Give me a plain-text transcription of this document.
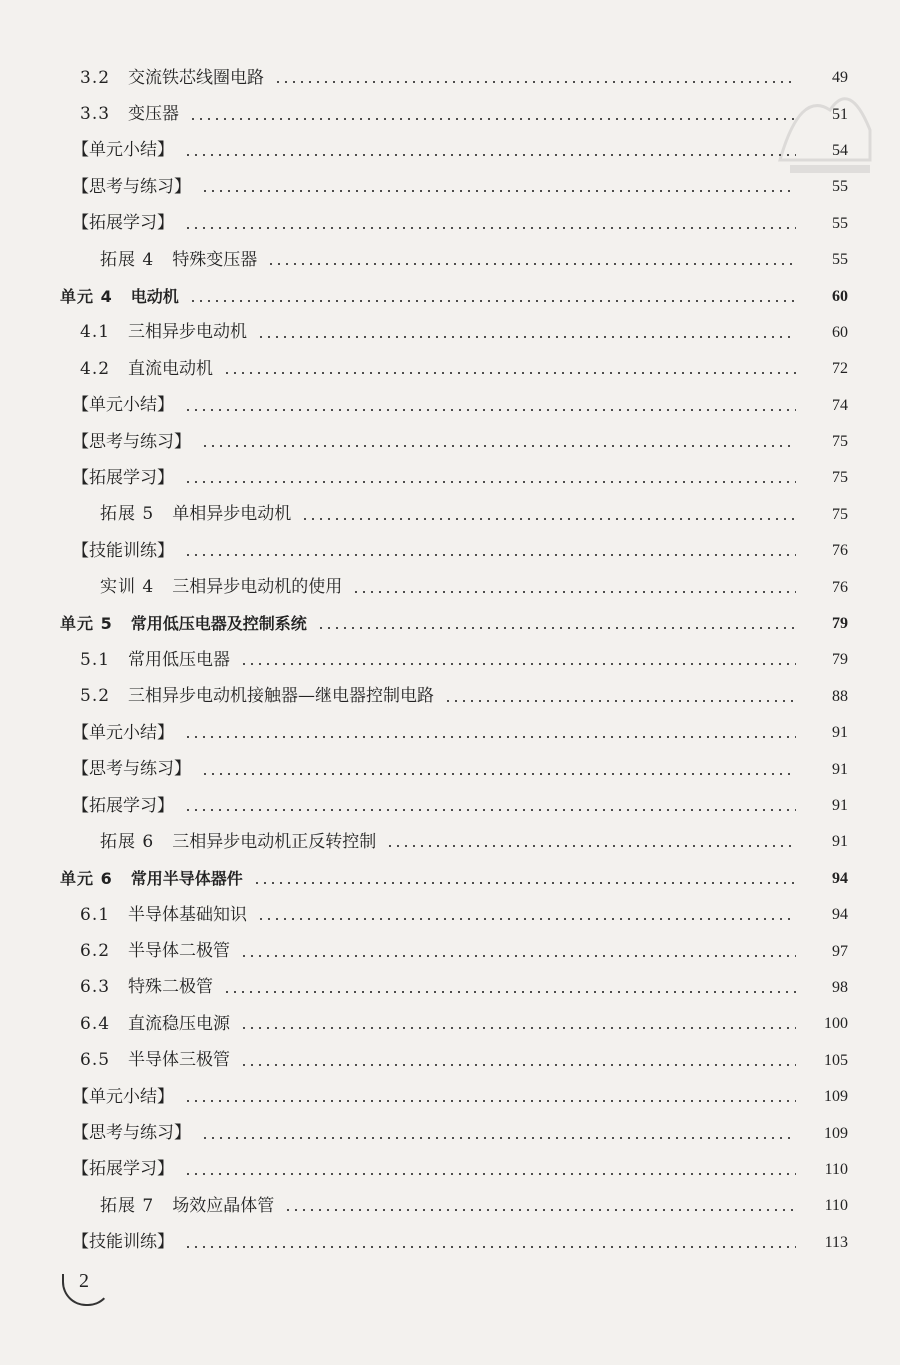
3.2 交流铁芯线圈电路	49
3.3 变压器	51
【单元小结】	54
【思考与练习】	55
【拓展学习】	55
拓展 4 特殊变压器	55
单元 4 电动机	60
4.1 三相异步电动机	60
4.2 直流电动机	72
【单元小结】	74
【思考与练习】	75
【拓展学习】	75
拓展 5 单相异步电动机	75
【技能训练】	76
实训 4 三相异步电动机的使用	76
单元 5 常用低压电器及控制系统	79
5.1 常用低压电器	79
5.2 三相异步电动机接触器—继电器控制电路	88
【单元小结】	91
【思考与练习】	91
【拓展学习】	91
拓展 6 三相异步电动机正反转控制	91
单元 6 常用半导体器件	94
6.1 半导体基础知识	94
6.2 半导体二极管	97
6.3 特殊二极管	98
6.4 直流稳压电源	100
6.5 半导体三极管	105
【单元小结】	109
【思考与练习】	109
【拓展学习】	110
拓展 7 场效应晶体管	110
【技能训练】	113
2
